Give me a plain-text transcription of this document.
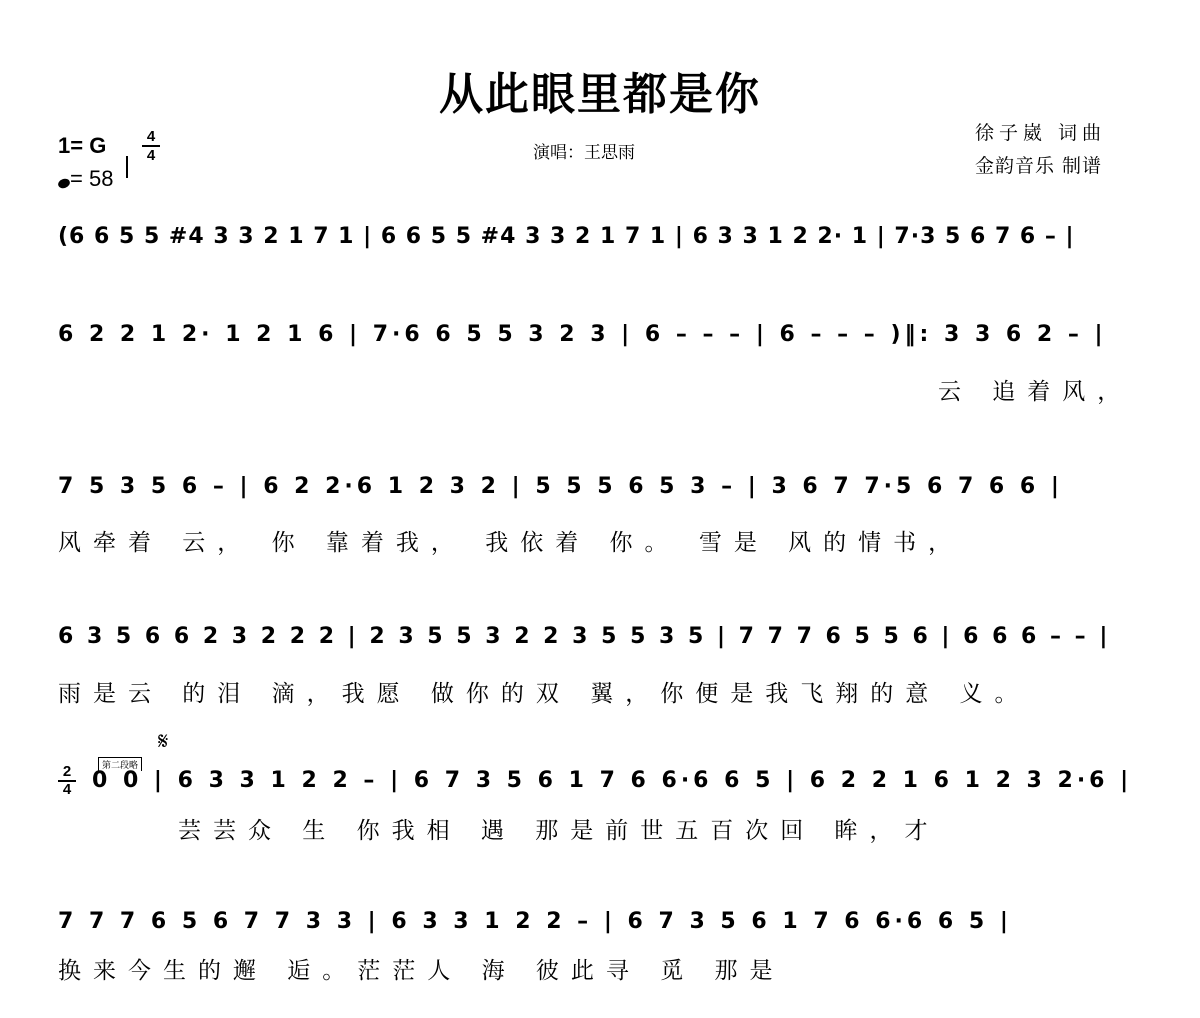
从此眼里都是你
1= G	4
4
= 58
演唱：王思雨
徐子崴 词曲
金韵音乐 制谱
(6 6 5 5 #4 3 3 2 1 7 1 | 6 6 5 5 #4 3 3 2 1 7 1 | 6 3 3 1 2 2· 1 | 7·3 5 6 7 6 – |
6 2 2 1 2· 1 2 1 6 | 7·6 6 5 5 3 2 3 | 6 – – – | 6 – – – )‖: 3 3 6 2 – |
云 追着风，
7 5 3 5 6 – | 6 2 2·6 1 2 3 2 | 5 5 5 6 5 3 – | 3 6 7 7·5 6 7 6 6 |
风牵着 云， 你 靠着我， 我依着 你。 雪是 风的情书，
6 3 5 6 6 2 3 2 2 2 | 2 3 5 5 3 2 2 3 5 5 3 5 | 7 7 7 6 5 5 6 | 6 6 6 – – |
雨是云 的泪 滴，我愿 做你的双 翼，你便是我飞翔的意 义。
𝄋
第二段略
2
4 0 0 | 6 3 3 1 2 2 – | 6 7 3 5 6 1 7 6 6·6 6 5 | 6 2 2 1 6 1 2 3 2·6 |
芸芸众 生 你我相 遇 那是前世五百次回 眸，才
7 7 7 6 5 6 7 7 3 3 | 6 3 3 1 2 2 – | 6 7 3 5 6 1 7 6 6·6 6 5 |
换来今生的邂 逅。茫茫人 海 彼此寻 觅 那是
